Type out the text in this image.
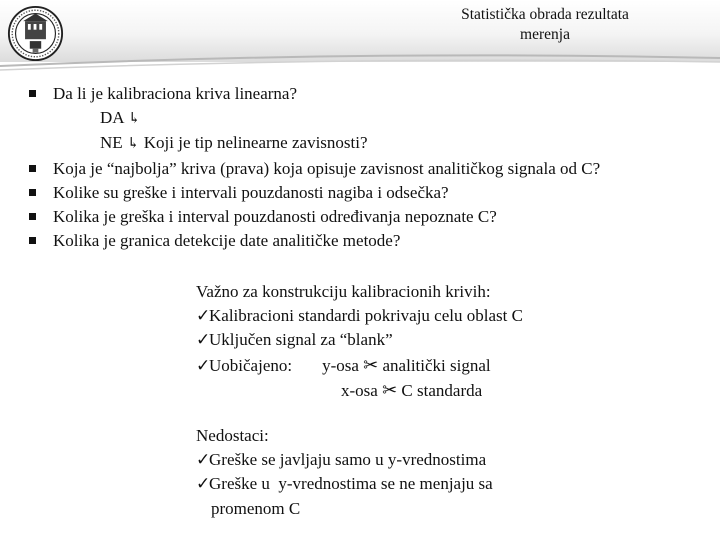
Statistička obrada rezultata
merenja
Da li je kalibraciona kriva linearna?
DA ↳
NE ↳ Koji je tip nelinearne zavisnosti?
Koja je “najbolja” kriva (prava) koja opisuje zavisnost analitičkog signala od C?
Kolike su greške i intervali pouzdanosti nagiba i odsečka?
Kolika je greška i interval pouzdanosti određivanja nepoznate C?
Kolika je granica detekcije date analitičke metode?
Važno za konstrukciju kalibracionih krivih:
✓Kalibracioni standardi pokrivaju celu oblast C
✓Uključen signal za “blank”
✓Uobičajeno: y-osa ✂ analitički signal
x-osa ✂ C standarda
Nedostaci:
✓Greške se javljaju samo u y-vrednostima
✓Greške u  y-vrednostima se ne menjaju sa
promenom C
